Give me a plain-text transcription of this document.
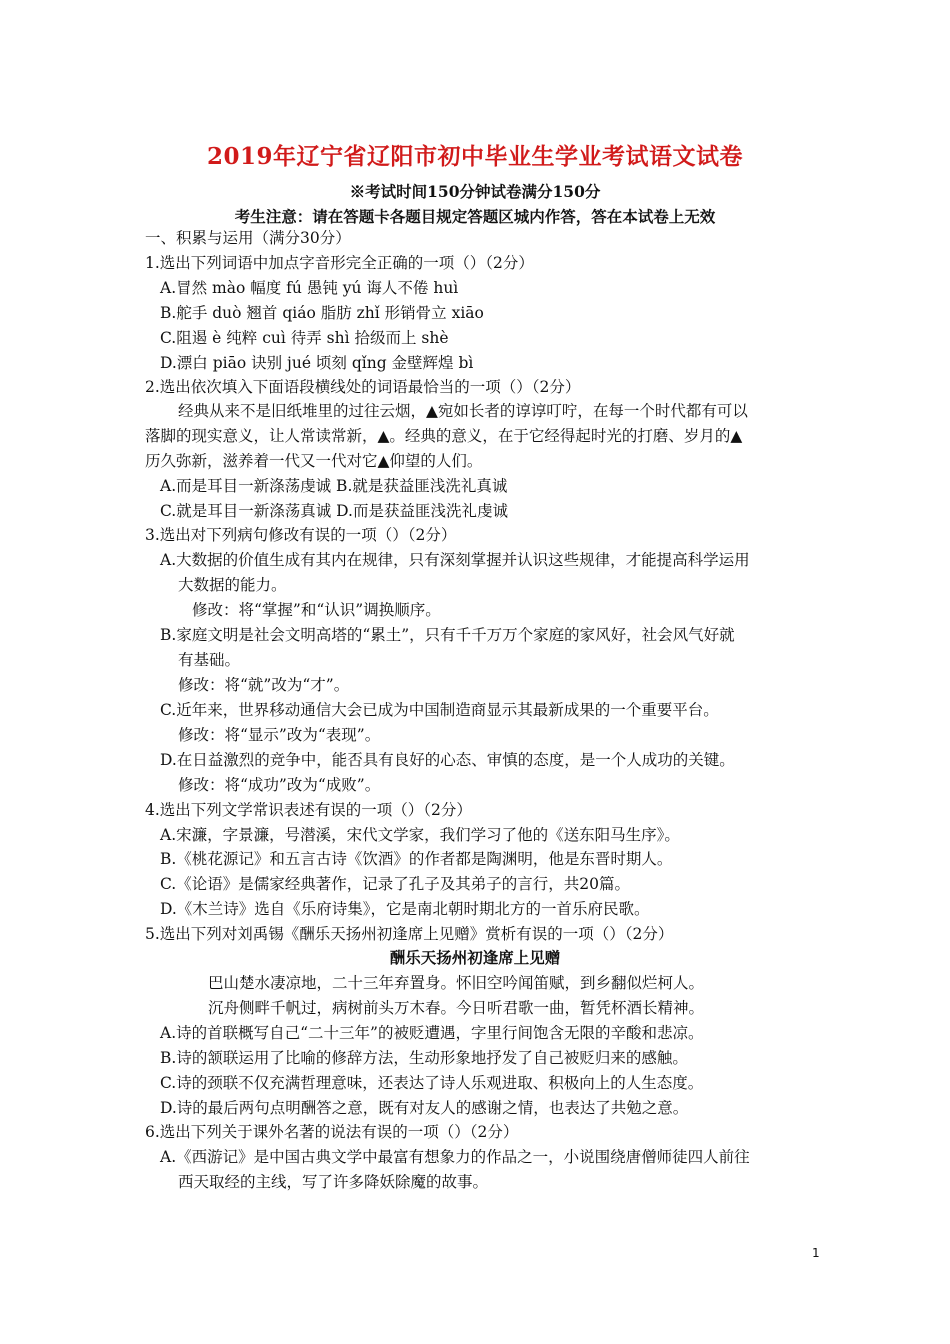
2019年辽宁省辽阳市初中毕业生学业考试语文试卷
※考试时间150分钟试卷满分150分
考生注意：请在答题卡各题目规定答题区城内作答，答在本试卷上无效
一、积累与运用（满分30分）
1.选出下列词语中加点字音形完全正确的一项（）（2分）
A.冒然 mào 幅度 fú 愚钝 yú 诲人不倦 huì
B.舵手 duò 翘首 qiáo 脂肪 zhǐ 形销骨立 xiāo
C.阻遏 è 纯粹 cuì 待弄 shì 拾级而上 shè
D.漂白 piāo 诀别 jué 顷刻 qǐng 金壁辉煌 bì
2.选出依次填入下面语段横线处的词语最恰当的一项（）（2分）
经典从来不是旧纸堆里的过往云烟，▲宛如长者的谆谆叮咛，在每一个时代都有可以
落脚的现实意义，让人常读常新，▲。经典的意义，在于它经得起时光的打磨、岁月的▲
历久弥新，滋养着一代又一代对它▲仰望的人们。
A.而是耳目一新涤荡虔诚 B.就是获益匪浅洗礼真诚
C.就是耳目一新涤荡真诚 D.而是获益匪浅洗礼虔诚
3.选出对下列病句修改有误的一项（）（2分）
A.大数据的价值生成有其内在规律，只有深刻掌握并认识这些规律，才能提高科学运用
大数据的能力。
修改：将“掌握”和“认识”调换顺序。
B.家庭文明是社会文明高塔的“累土”，只有千千万万个家庭的家风好，社会风气好就
有基础。
修改：将“就”改为“才”。
C.近年来，世界移动通信大会已成为中国制造商显示其最新成果的一个重要平台。
修改：将“显示”改为“表现”。
D.在日益激烈的竞争中，能否具有良好的心态、审慎的态度，是一个人成功的关键。
修改：将“成功”改为“成败”。
4.选出下列文学常识表述有误的一项（）（2分）
A.宋濂，字景濂，号潜溪，宋代文学家，我们学习了他的《送东阳马生序》。
B.《桃花源记》和五言古诗《饮酒》的作者都是陶渊明，他是东晋时期人。
C.《论语》是儒家经典著作，记录了孔子及其弟子的言行，共20篇。
D.《木兰诗》选自《乐府诗集》，它是南北朝时期北方的一首乐府民歌。
5.选出下列对刘禹锡《酬乐天扬州初逢席上见赠》赏析有误的一项（）（2分）
酬乐天扬州初逢席上见赠
巴山楚水凄凉地，二十三年弃置身。怀旧空吟闻笛赋，到乡翻似烂柯人。
沉舟侧畔千帆过，病树前头万木春。今日听君歌一曲，暂凭杯酒长精神。
A.诗的首联概写自己“二十三年”的被贬遭遇，字里行间饱含无限的辛酸和悲凉。
B.诗的颔联运用了比喻的修辞方法，生动形象地抒发了自己被贬归来的感触。
C.诗的颈联不仅充满哲理意味，还表达了诗人乐观进取、积极向上的人生态度。
D.诗的最后两句点明酬答之意，既有对友人的感谢之情，也表达了共勉之意。
6.选出下列关于课外名著的说法有误的一项（）（2分）
A.《西游记》是中国古典文学中最富有想象力的作品之一，小说围绕唐僧师徒四人前往
西天取经的主线，写了许多降妖除魔的故事。
1
